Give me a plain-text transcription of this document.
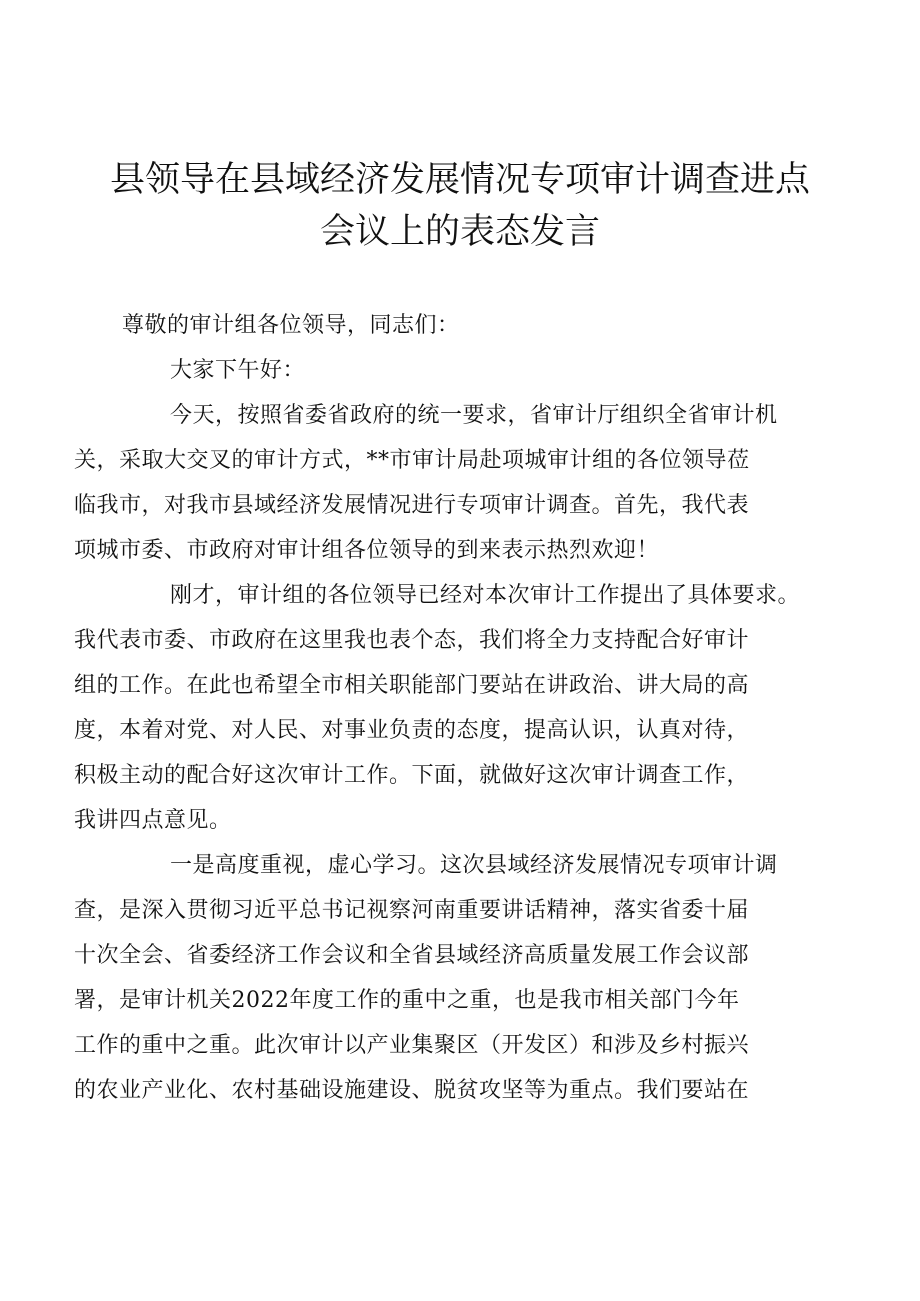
县领导在县域经济发展情况专项审计调查进点
会议上的表态发言

尊敬的审计组各位领导，同志们：

大家下午好：

今天，按照省委省政府的统一要求，省审计厅组织全省审计机
关，采取大交叉的审计方式，**市审计局赴项城审计组的各位领导莅
临我市，对我市县域经济发展情况进行专项审计调查。首先，我代表
项城市委、市政府对审计组各位领导的到来表示热烈欢迎！

刚才，审计组的各位领导已经对本次审计工作提出了具体要求。
我代表市委、市政府在这里我也表个态，我们将全力支持配合好审计
组的工作。在此也希望全市相关职能部门要站在讲政治、讲大局的高
度，本着对党、对人民、对事业负责的态度，提高认识，认真对待，
积极主动的配合好这次审计工作。下面，就做好这次审计调查工作，
我讲四点意见。

一是高度重视，虚心学习。这次县域经济发展情况专项审计调
查，是深入贯彻习近平总书记视察河南重要讲话精神，落实省委十届
十次全会、省委经济工作会议和全省县域经济高质量发展工作会议部
署，是审计机关2022年度工作的重中之重，也是我市相关部门今年
工作的重中之重。此次审计以产业集聚区（开发区）和涉及乡村振兴
的农业产业化、农村基础设施建设、脱贫攻坚等为重点。我们要站在
